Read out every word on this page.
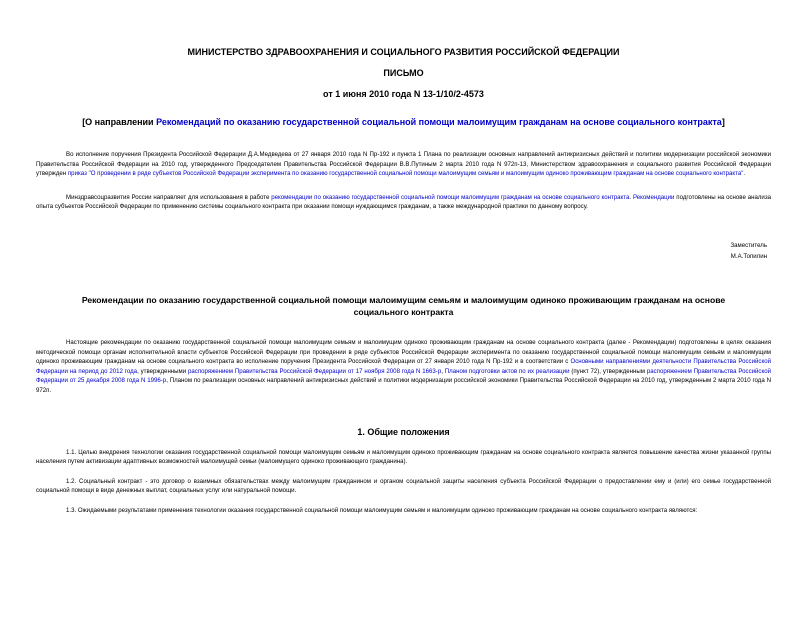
МИНИСТЕРСТВО ЗДРАВООХРАНЕНИЯ И СОЦИАЛЬНОГО РАЗВИТИЯ РОССИЙСКОЙ ФЕДЕРАЦИИ
ПИСЬМО
от 1 июня 2010 года N 13-1/10/2-4573
[О направлении Рекомендаций по оказанию государственной социальной помощи малоимущим гражданам на основе социального контракта]

Во исполнение поручения Президента Российской Федерации Д.А.Медведева от 27 января 2010 года N Пр-192 и пункта 1 Плана по реализации основных направлений антикризисных действий и политики модернизации российской экономики Правительства Российской Федерации на 2010 год, утвержденного Председателем Правительства Российской Федерации В.В.Путиным 2 марта 2010 года N 972п-13, Министерством здравоохранения и социального развития Российской Федерации утвержден приказ "О проведении в ряде субъектов Российской Федерации эксперимента по оказанию государственной социальной помощи малоимущим семьям и малоимущим одиноко проживающим гражданам на основе социального контракта".

Минздравсоцразвития России направляет для использования в работе рекомендации по оказанию государственной социальной помощи малоимущим гражданам на основе социального контракта. Рекомендации подготовлены на основе анализа опыта субъектов Российской Федерации по применению системы социального контракта при оказании помощи нуждающимся гражданам, а также международной практики по данному вопросу.

Заместитель
М.А.Топилин
Рекомендации по оказанию государственной социальной помощи малоимущим семьям и малоимущим одиноко проживающим гражданам на основе социального контракта

Настоящие рекомендации по оказанию государственной социальной помощи малоимущим семьям и малоимущим одиноко проживающим гражданам на основе социального контракта (далее - Рекомендации) подготовлены в целях оказания методической помощи органам исполнительной власти субъектов Российской Федерации при проведении в ряде субъектов Российской Федерации эксперимента по оказанию государственной социальной помощи малоимущим семьям и малоимущим одиноко проживающим гражданам на основе социального контракта во исполнение поручения Президента Российской Федерации от 27 января 2010 года N Пр-192 и в соответствии с Основными направлениями деятельности Правительства Российской Федерации на период до 2012 года, утвержденными распоряжением Правительства Российской Федерации от 17 ноября 2008 года N 1663-р, Планом подготовки актов по их реализации (пункт 72), утвержденным распоряжением Правительства Российской Федерации от 25 декабря 2008 года N 1996-р, Планом по реализации основных направлений антикризисных действий и политики модернизации российской экономики Правительства Российской Федерации на 2010 год, утвержденным 2 марта 2010 года N 972п.

1. Общие положения

1.1. Целью внедрения технологии оказания государственной социальной помощи малоимущим семьям и малоимущим одиноко проживающим гражданам на основе социального контракта является повышение качества жизни указанной группы населения путем активизации адаптивных возможностей малоимущей семьи (малоимущего одиноко проживающего гражданина).

1.2. Социальный контракт - это договор о взаимных обязательствах между малоимущим гражданином и органом социальной защиты населения субъекта Российской Федерации о предоставлении ему и (или) его семье государственной социальной помощи в виде денежных выплат, социальных услуг или натуральной помощи.

1.3. Ожидаемыми результатами применения технологии оказания государственной социальной помощи малоимущим семьям и малоимущим одиноко проживающим гражданам на основе социального контракта являются:
